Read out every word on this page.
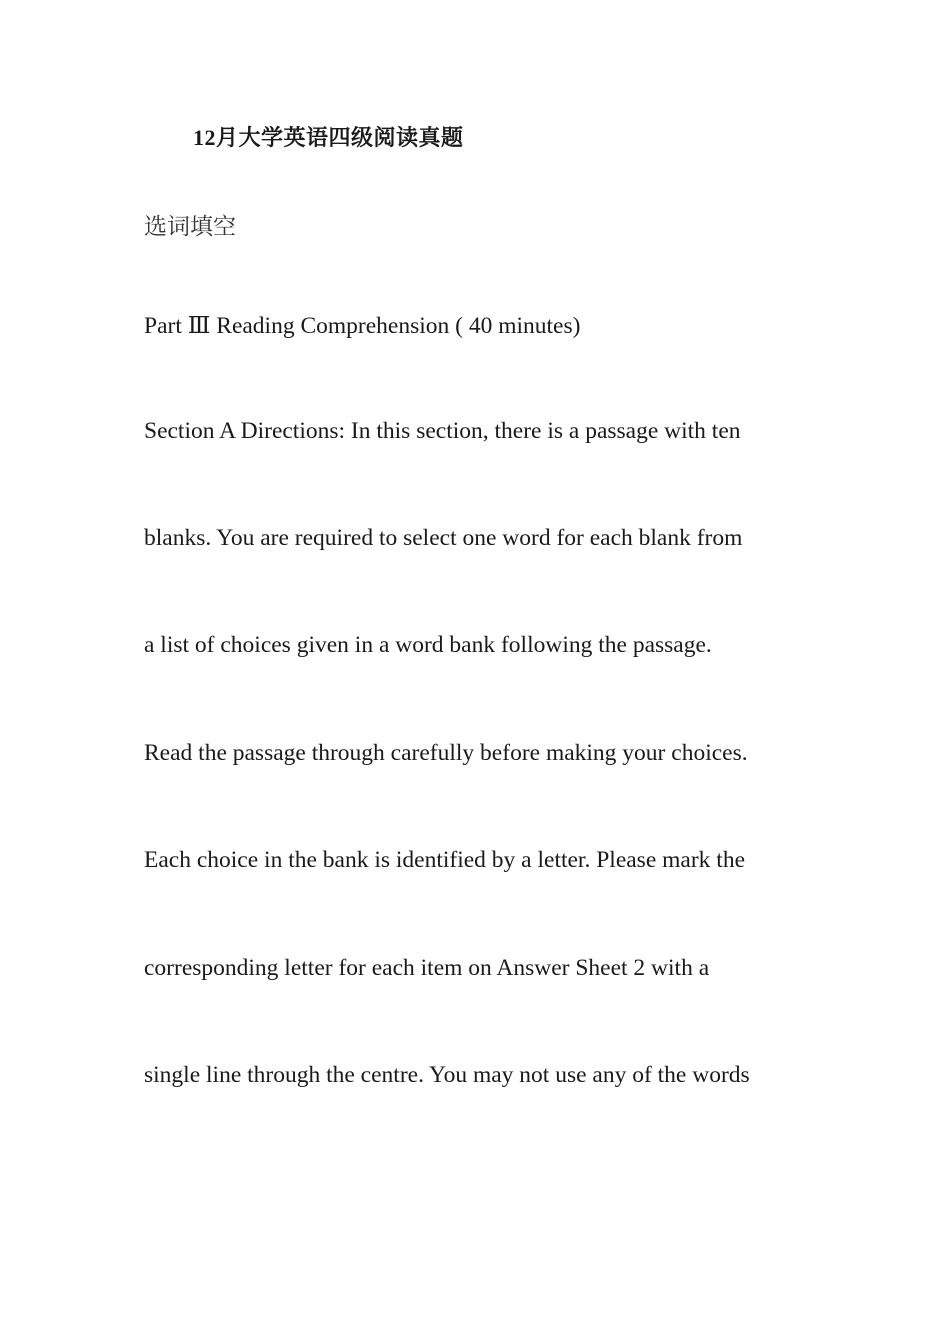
12月大学英语四级阅读真题
选词填空
Part Ⅲ Reading Comprehension ( 40 minutes)
Section A Directions: In this section, there is a passage with ten
blanks. You are required to select one word for each blank from
a list of choices given in a word bank following the passage.
Read the passage through carefully before making your choices.
Each choice in the bank is identified by a letter. Please mark the
corresponding letter for each item on Answer Sheet 2 with a
single line through the centre. You may not use any of the words
